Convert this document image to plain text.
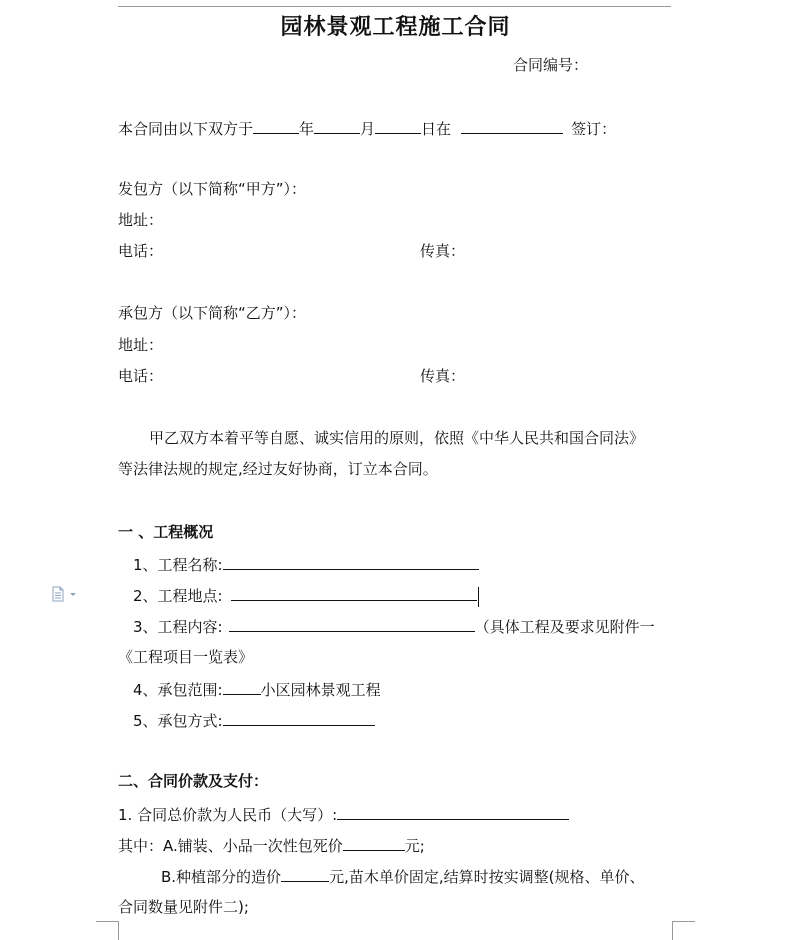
园林景观工程施工合同
合同编号：
本合同由以下双方于	年	月	日在	签订：
发包方（以下简称“甲方”）：
地址：
电话：	传真：
承包方（以下简称“乙方”）：
地址：
电话：	传真：
甲乙双方本着平等自愿、诚实信用的原则，依照《中华人民共和国合同法》
等法律法规的规定,经过友好协商，订立本合同。
一 、工程概况
1、工程名称:
2、工程地点:
3、工程内容:	（具体工程及要求见附件一
《工程项目一览表》
4、承包范围:	小区园林景观工程
5、承包方式:
二、合同价款及支付：
1. 合同总价款为人民币（大写）:
其中：A.铺装、小品一次性包死价	元;
B.种植部分的造价	元,苗木单价固定,结算时按实调整(规格、单价、
合同数量见附件二);
